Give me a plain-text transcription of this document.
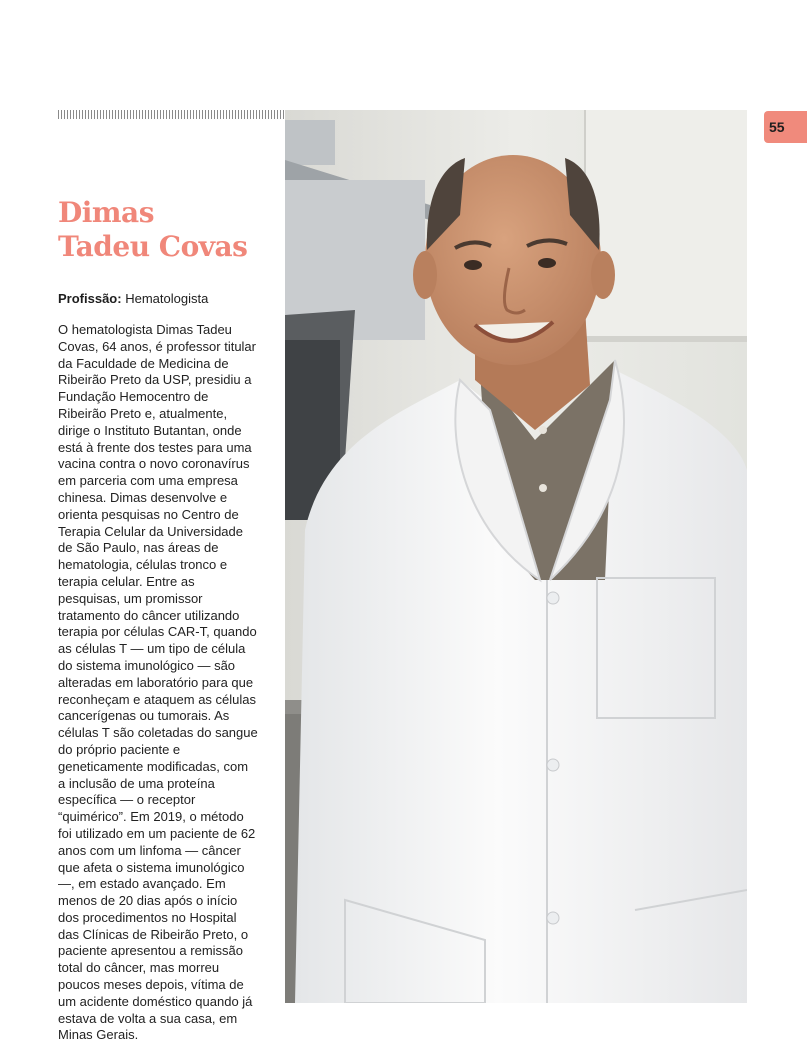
55
Dimas
Tadeu Covas

Profissão: Hematologista

O hematologista Dimas Tadeu Covas, 64 anos, é professor titular da Faculdade de Medicina de Ribeirão Preto da USP, presidiu a Fundação Hemocentro de Ribeirão Preto e, atualmente, dirige o Instituto Butantan, onde está à frente dos testes para uma vacina contra o novo coronavírus em parceria com uma empresa chinesa. Dimas desenvolve e orienta pesquisas no Centro de Terapia Celular da Universidade de São Paulo, nas áreas de hematologia, células tronco e terapia celular. Entre as pesquisas, um promissor tratamento do câncer utilizando terapia por células CAR-T, quando as células T — um tipo de célula do sistema imunológico — são alteradas em laboratório para que reconheçam e ataquem as células cancerígenas ou tumorais. As células T são coletadas do sangue do próprio paciente e geneticamente modificadas, com a inclusão de uma proteína específica — o receptor “quimérico”. Em 2019, o método foi utilizado em um paciente de 62 anos com um linfoma — câncer que afeta o sistema imunológico —, em estado avançado. Em menos de 20 dias após o início dos procedimentos no Hospital das Clínicas de Ribeirão Preto, o paciente apresentou a remissão total do câncer, mas morreu poucos meses depois, vítima de um acidente doméstico quando já estava de volta a sua casa, em Minas Gerais.
